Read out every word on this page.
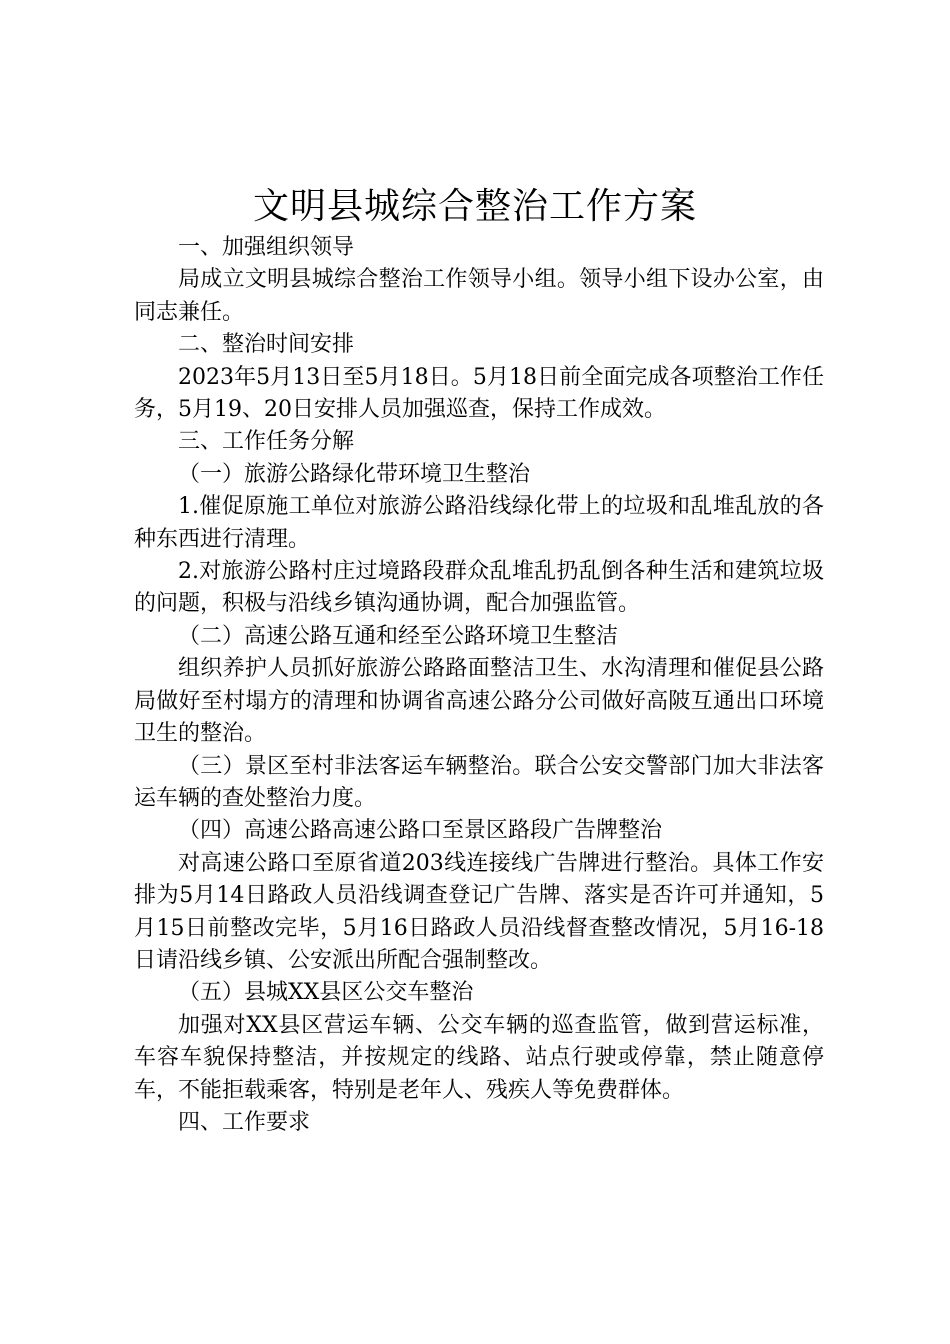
文明县城综合整治工作方案

一、加强组织领导

局成立文明县城综合整治工作领导小组。领导小组下设办公室，由同志兼任。

二、整治时间安排

2023年5月13日至5月18日。5月18日前全面完成各项整治工作任务，5月19、20日安排人员加强巡查，保持工作成效。

三、工作任务分解

（一）旅游公路绿化带环境卫生整治

1.催促原施工单位对旅游公路沿线绿化带上的垃圾和乱堆乱放的各种东西进行清理。

2.对旅游公路村庄过境路段群众乱堆乱扔乱倒各种生活和建筑垃圾的问题，积极与沿线乡镇沟通协调，配合加强监管。

（二）高速公路互通和经至公路环境卫生整洁

组织养护人员抓好旅游公路路面整洁卫生、水沟清理和催促县公路局做好至村塌方的清理和协调省高速公路分公司做好高陂互通出口环境卫生的整治。

（三）景区至村非法客运车辆整治。联合公安交警部门加大非法客运车辆的查处整治力度。

（四）高速公路高速公路口至景区路段广告牌整治

对高速公路口至原省道203线连接线广告牌进行整治。具体工作安排为5月14日路政人员沿线调查登记广告牌、落实是否许可并通知，5月15日前整改完毕，5月16日路政人员沿线督查整改情况，5月16-18日请沿线乡镇、公安派出所配合强制整改。

（五）县城XX县区公交车整治

加强对XX县区营运车辆、公交车辆的巡查监管，做到营运标准，车容车貌保持整洁，并按规定的线路、站点行驶或停靠，禁止随意停车，不能拒载乘客，特别是老年人、残疾人等免费群体。

四、工作要求
